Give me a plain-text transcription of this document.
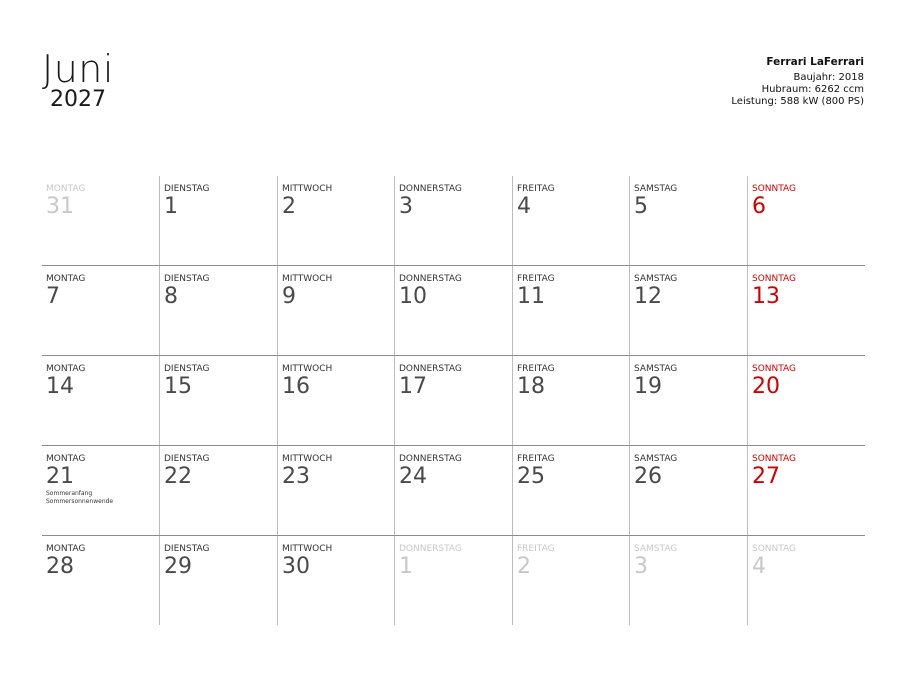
Juni
2027
Ferrari LaFerrari
Baujahr: 2018
Hubraum: 6262 ccm
Leistung: 588 kW (800 PS)
MONTAG
31
DIENSTAG
1
MITTWOCH
2
DONNERSTAG
3
FREITAG
4
SAMSTAG
5
SONNTAG
6
MONTAG
7
DIENSTAG
8
MITTWOCH
9
DONNERSTAG
10
FREITAG
11
SAMSTAG
12
SONNTAG
13
MONTAG
14
DIENSTAG
15
MITTWOCH
16
DONNERSTAG
17
FREITAG
18
SAMSTAG
19
SONNTAG
20
MONTAG
21
Sommeranfang
Sommersonnenwende
DIENSTAG
22
MITTWOCH
23
DONNERSTAG
24
FREITAG
25
SAMSTAG
26
SONNTAG
27
MONTAG
28
DIENSTAG
29
MITTWOCH
30
DONNERSTAG
1
FREITAG
2
SAMSTAG
3
SONNTAG
4
